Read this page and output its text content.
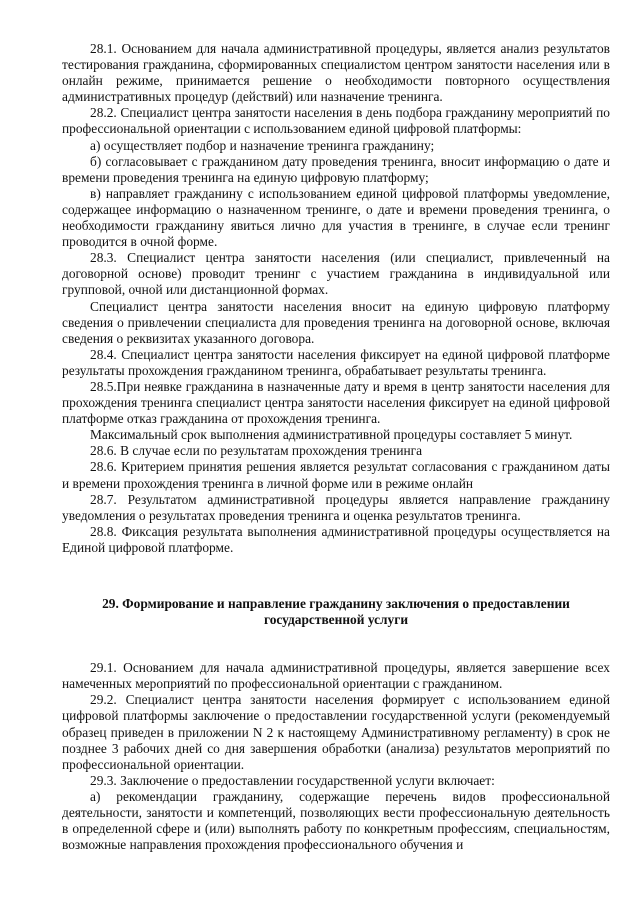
28.1. Основанием для начала административной процедуры, является анализ результатов тестирования гражданина, сформированных специалистом центром занятости населения или в онлайн режиме, принимается решение о необходимости повторного осуществления административных процедур (действий) или назначение тренинга.

28.2. Специалист центра занятости населения в день подбора гражданину мероприятий по профессиональной ориентации с использованием единой цифровой платформы:

а) осуществляет подбор и назначение тренинга гражданину;

б) согласовывает с гражданином дату проведения тренинга, вносит информацию о дате и времени проведения тренинга на единую цифровую платформу;

в) направляет гражданину с использованием единой цифровой платформы уведомление, содержащее информацию о назначенном тренинге, о дате и времени проведения тренинга, о необходимости гражданину явиться лично для участия в тренинге, в случае если тренинг проводится в очной форме.

28.3. Специалист центра занятости населения (или специалист, привлеченный на договорной основе) проводит тренинг с участием гражданина в индивидуальной или групповой, очной или дистанционной формах.

Специалист центра занятости населения вносит на единую цифровую платформу сведения о привлечении специалиста для проведения тренинга на договорной основе, включая сведения о реквизитах указанного договора.

28.4. Специалист центра занятости населения фиксирует на единой цифровой платформе результаты прохождения гражданином тренинга, обрабатывает результаты тренинга.

28.5.При неявке гражданина в назначенные дату и время в центр занятости населения для прохождения тренинга специалист центра занятости населения фиксирует на единой цифровой платформе отказ гражданина от прохождения тренинга.

Максимальный срок выполнения административной процедуры составляет 5 минут.

28.6. В случае если по результатам прохождения тренинга

28.6. Критерием принятия решения является результат согласования с гражданином даты и времени прохождения тренинга в личной форме или в режиме онлайн

28.7. Результатом административной процедуры является направление гражданину уведомления о результатах проведения тренинга и оценка результатов тренинга.

28.8. Фиксация результата выполнения административной процедуры осуществляется на Единой цифровой платформе.

29. Формирование и направление гражданину заключения о предоставлении государственной услуги

29.1. Основанием для начала административной процедуры, является завершение всех намеченных мероприятий по профессиональной ориентации с гражданином.

29.2. Специалист центра занятости населения формирует с использованием единой цифровой платформы заключение о предоставлении государственной услуги (рекомендуемый образец приведен в приложении N 2 к настоящему Административному регламенту) в срок не позднее 3 рабочих дней со дня завершения обработки (анализа) результатов мероприятий по профессиональной ориентации.

29.3. Заключение о предоставлении государственной услуги включает:

а) рекомендации гражданину, содержащие перечень видов профессиональной деятельности, занятости и компетенций, позволяющих вести профессиональную деятельность в определенной сфере и (или) выполнять работу по конкретным профессиям, специальностям, возможные направления прохождения профессионального обучения и
